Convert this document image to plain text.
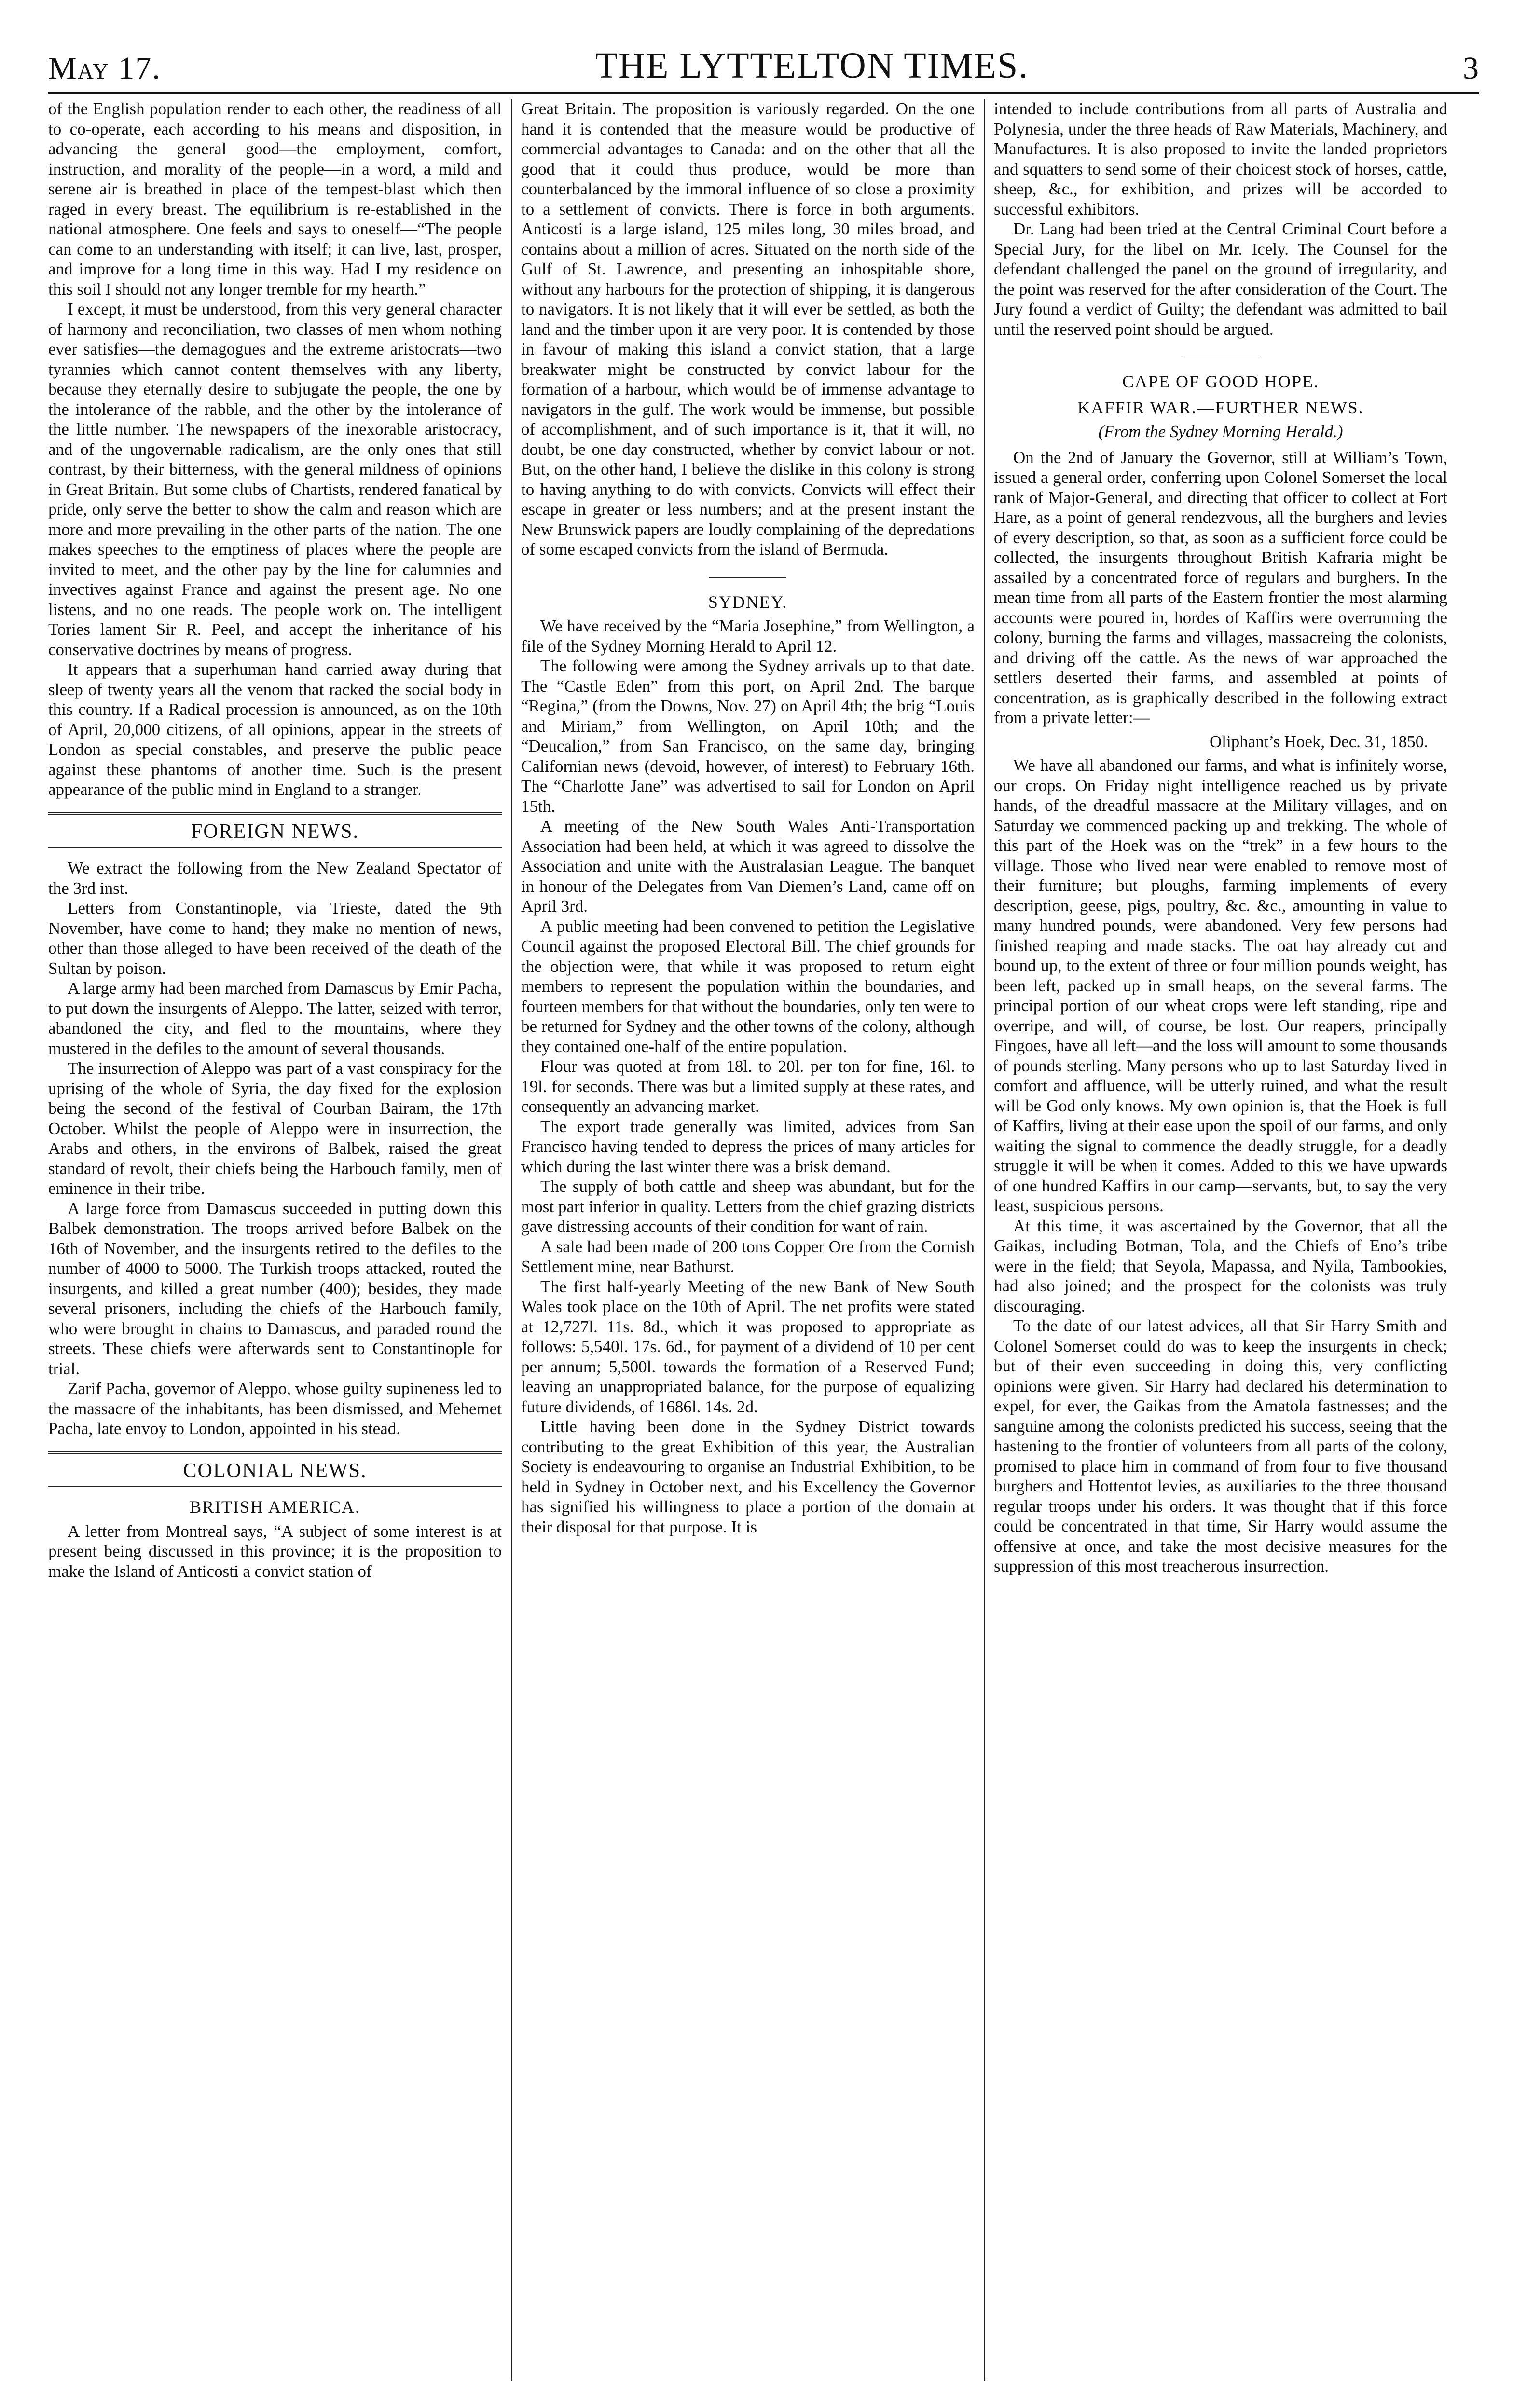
May 17.	THE LYTTELTON TIMES.	3

of the English population render to each other, the readiness of all to co-operate, each according to his means and disposition, in advancing the general good—the employment, comfort, instruction, and morality of the people—in a word, a mild and serene air is breathed in place of the tempest-blast which then raged in every breast. The equilibrium is re-established in the national atmosphere. One feels and says to oneself—“The people can come to an understanding with itself; it can live, last, prosper, and improve for a long time in this way. Had I my residence on this soil I should not any longer tremble for my hearth.”

I except, it must be understood, from this very general character of harmony and reconciliation, two classes of men whom nothing ever satisfies—the demagogues and the extreme aristocrats—two tyrannies which cannot content themselves with any liberty, because they eternally desire to subjugate the people, the one by the intolerance of the rabble, and the other by the intolerance of the little number. The newspapers of the inexorable aristocracy, and of the ungovernable radicalism, are the only ones that still contrast, by their bitterness, with the general mildness of opinions in Great Britain. But some clubs of Chartists, rendered fanatical by pride, only serve the better to show the calm and reason which are more and more prevailing in the other parts of the nation. The one makes speeches to the emptiness of places where the people are invited to meet, and the other pay by the line for calumnies and invectives against France and against the present age. No one listens, and no one reads. The people work on. The intelligent Tories lament Sir R. Peel, and accept the inheritance of his conservative doctrines by means of progress.

It appears that a superhuman hand carried away during that sleep of twenty years all the venom that racked the social body in this country. If a Radical procession is announced, as on the 10th of April, 20,000 citizens, of all opinions, appear in the streets of London as special constables, and preserve the public peace against these phantoms of another time. Such is the present appearance of the public mind in England to a stranger.

FOREIGN NEWS.

We extract the following from the New Zealand Spectator of the 3rd inst.

Letters from Constantinople, via Trieste, dated the 9th November, have come to hand; they make no mention of news, other than those alleged to have been received of the death of the Sultan by poison.

A large army had been marched from Damascus by Emir Pacha, to put down the insurgents of Aleppo. The latter, seized with terror, abandoned the city, and fled to the mountains, where they mustered in the defiles to the amount of several thousands.

The insurrection of Aleppo was part of a vast conspiracy for the uprising of the whole of Syria, the day fixed for the explosion being the second of the festival of Courban Bairam, the 17th October. Whilst the people of Aleppo were in insurrection, the Arabs and others, in the environs of Balbek, raised the great standard of revolt, their chiefs being the Harbouch family, men of eminence in their tribe.

A large force from Damascus succeeded in putting down this Balbek demonstration. The troops arrived before Balbek on the 16th of November, and the insurgents retired to the defiles to the number of 4000 to 5000. The Turkish troops attacked, routed the insurgents, and killed a great number (400); besides, they made several prisoners, including the chiefs of the Harbouch family, who were brought in chains to Damascus, and paraded round the streets. These chiefs were afterwards sent to Constantinople for trial.

Zarif Pacha, governor of Aleppo, whose guilty supineness led to the massacre of the inhabitants, has been dismissed, and Mehemet Pacha, late envoy to London, appointed in his stead.

COLONIAL NEWS.
BRITISH AMERICA.

A letter from Montreal says, “A subject of some interest is at present being discussed in this province; it is the proposition to make the Island of Anticosti a convict station of

Great Britain. The proposition is variously regarded. On the one hand it is contended that the measure would be productive of commercial advantages to Canada: and on the other that all the good that it could thus produce, would be more than counterbalanced by the immoral influence of so close a proximity to a settlement of convicts. There is force in both arguments. Anticosti is a large island, 125 miles long, 30 miles broad, and contains about a million of acres. Situated on the north side of the Gulf of St. Lawrence, and presenting an inhospitable shore, without any harbours for the protection of shipping, it is dangerous to navigators. It is not likely that it will ever be settled, as both the land and the timber upon it are very poor. It is contended by those in favour of making this island a convict station, that a large breakwater might be constructed by convict labour for the formation of a harbour, which would be of immense advantage to navigators in the gulf. The work would be immense, but possible of accomplishment, and of such importance is it, that it will, no doubt, be one day constructed, whether by convict labour or not. But, on the other hand, I believe the dislike in this colony is strong to having anything to do with convicts. Convicts will effect their escape in greater or less numbers; and at the present instant the New Brunswick papers are loudly complaining of the depredations of some escaped convicts from the island of Bermuda.

SYDNEY.

We have received by the “Maria Josephine,” from Wellington, a file of the Sydney Morning Herald to April 12.

The following were among the Sydney arrivals up to that date. The “Castle Eden” from this port, on April 2nd. The barque “Regina,” (from the Downs, Nov. 27) on April 4th; the brig “Louis and Miriam,” from Wellington, on April 10th; and the “Deucalion,” from San Francisco, on the same day, bringing Californian news (devoid, however, of interest) to February 16th. The “Charlotte Jane” was advertised to sail for London on April 15th.

A meeting of the New South Wales Anti-Transportation Association had been held, at which it was agreed to dissolve the Association and unite with the Australasian League. The banquet in honour of the Delegates from Van Diemen’s Land, came off on April 3rd.

A public meeting had been convened to petition the Legislative Council against the proposed Electoral Bill. The chief grounds for the objection were, that while it was proposed to return eight members to represent the population within the boundaries, and fourteen members for that without the boundaries, only ten were to be returned for Sydney and the other towns of the colony, although they contained one-half of the entire population.

Flour was quoted at from 18l. to 20l. per ton for fine, 16l. to 19l. for seconds. There was but a limited supply at these rates, and consequently an advancing market.

The export trade generally was limited, advices from San Francisco having tended to depress the prices of many articles for which during the last winter there was a brisk demand.

The supply of both cattle and sheep was abundant, but for the most part inferior in quality. Letters from the chief grazing districts gave distressing accounts of their condition for want of rain.

A sale had been made of 200 tons Copper Ore from the Cornish Settlement mine, near Bathurst.

The first half-yearly Meeting of the new Bank of New South Wales took place on the 10th of April. The net profits were stated at 12,727l. 11s. 8d., which it was proposed to appropriate as follows: 5,540l. 17s. 6d., for payment of a dividend of 10 per cent per annum; 5,500l. towards the formation of a Reserved Fund; leaving an unappropriated balance, for the purpose of equalizing future dividends, of 1686l. 14s. 2d.

Little having been done in the Sydney District towards contributing to the great Exhibition of this year, the Australian Society is endeavouring to organise an Industrial Exhibition, to be held in Sydney in October next, and his Excellency the Governor has signified his willingness to place a portion of the domain at their disposal for that purpose. It is

intended to include contributions from all parts of Australia and Polynesia, under the three heads of Raw Materials, Machinery, and Manufactures. It is also proposed to invite the landed proprietors and squatters to send some of their choicest stock of horses, cattle, sheep, &c., for exhibition, and prizes will be accorded to successful exhibitors.

Dr. Lang had been tried at the Central Criminal Court before a Special Jury, for the libel on Mr. Icely. The Counsel for the defendant challenged the panel on the ground of irregularity, and the point was reserved for the after consideration of the Court. The Jury found a verdict of Guilty; the defendant was admitted to bail until the reserved point should be argued.

CAPE OF GOOD HOPE.
KAFFIR WAR.—FURTHER NEWS.
(From the Sydney Morning Herald.)

On the 2nd of January the Governor, still at William’s Town, issued a general order, conferring upon Colonel Somerset the local rank of Major-General, and directing that officer to collect at Fort Hare, as a point of general rendezvous, all the burghers and levies of every description, so that, as soon as a sufficient force could be collected, the insurgents throughout British Kafraria might be assailed by a concentrated force of regulars and burghers. In the mean time from all parts of the Eastern frontier the most alarming accounts were poured in, hordes of Kaffirs were overrunning the colony, burning the farms and villages, massacreing the colonists, and driving off the cattle. As the news of war approached the settlers deserted their farms, and assembled at points of concentration, as is graphically described in the following extract from a private letter:—

Oliphant’s Hoek, Dec. 31, 1850.

We have all abandoned our farms, and what is infinitely worse, our crops. On Friday night intelligence reached us by private hands, of the dreadful massacre at the Military villages, and on Saturday we commenced packing up and trekking. The whole of this part of the Hoek was on the “trek” in a few hours to the village. Those who lived near were enabled to remove most of their furniture; but ploughs, farming implements of every description, geese, pigs, poultry, &c. &c., amounting in value to many hundred pounds, were abandoned. Very few persons had finished reaping and made stacks. The oat hay already cut and bound up, to the extent of three or four million pounds weight, has been left, packed up in small heaps, on the several farms. The principal portion of our wheat crops were left standing, ripe and overripe, and will, of course, be lost. Our reapers, principally Fingoes, have all left—and the loss will amount to some thousands of pounds sterling. Many persons who up to last Saturday lived in comfort and affluence, will be utterly ruined, and what the result will be God only knows. My own opinion is, that the Hoek is full of Kaffirs, living at their ease upon the spoil of our farms, and only waiting the signal to commence the deadly struggle, for a deadly struggle it will be when it comes. Added to this we have upwards of one hundred Kaffirs in our camp—servants, but, to say the very least, suspicious persons.

At this time, it was ascertained by the Governor, that all the Gaikas, including Botman, Tola, and the Chiefs of Eno’s tribe were in the field; that Seyola, Mapassa, and Nyila, Tambookies, had also joined; and the prospect for the colonists was truly discouraging.

To the date of our latest advices, all that Sir Harry Smith and Colonel Somerset could do was to keep the insurgents in check; but of their even succeeding in doing this, very conflicting opinions were given. Sir Harry had declared his determination to expel, for ever, the Gaikas from the Amatola fastnesses; and the sanguine among the colonists predicted his success, seeing that the hastening to the frontier of volunteers from all parts of the colony, promised to place him in command of from four to five thousand burghers and Hottentot levies, as auxiliaries to the three thousand regular troops under his orders. It was thought that if this force could be concentrated in that time, Sir Harry would assume the offensive at once, and take the most decisive measures for the suppression of this most treacherous insurrection.
